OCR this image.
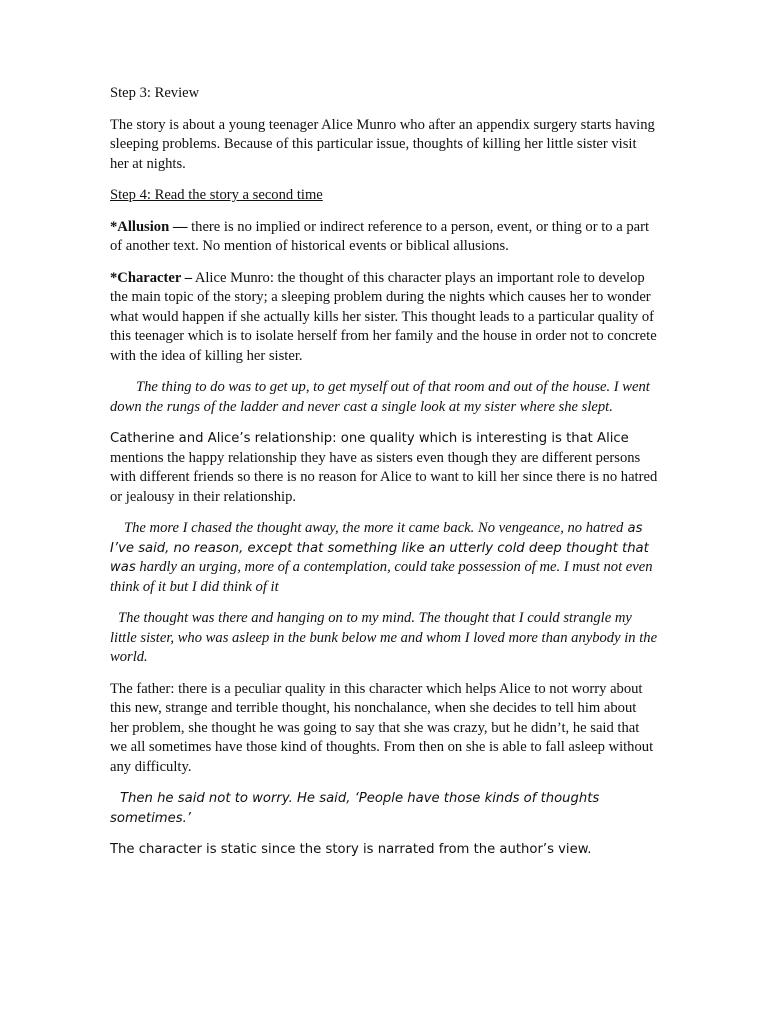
Step 3: Review

The story is about a young teenager Alice Munro who after an appendix surgery starts having sleeping problems. Because of this particular issue, thoughts of killing her little sister visit her at nights.

Step 4: Read the story a second time

*Allusion — there is no implied or indirect reference to a person, event, or thing or to a part of another text. No mention of historical events or biblical allusions.

*Character – Alice Munro: the thought of this character plays an important role to develop the main topic of the story; a sleeping problem during the nights which causes her to wonder what would happen if she actually kills her sister. This thought leads to a particular quality of this teenager which is to isolate herself from her family and the house in order not to concrete with the idea of killing her sister.

The thing to do was to get up, to get myself out of that room and out of the house. I went down the rungs of the ladder and never cast a single look at my sister where she slept.

Catherine and Alice’s relationship: one quality which is interesting is that Alice mentions the happy relationship they have as sisters even though they are different persons with different friends so there is no reason for Alice to want to kill her since there is no hatred or jealousy in their relationship.

The more I chased the thought away, the more it came back. No vengeance, no hatred as I’ve said, no reason, except that something like an utterly cold deep thought that was hardly an urging, more of a contemplation, could take possession of me. I must not even think of it but I did think of it

The thought was there and hanging on to my mind. The thought that I could strangle my little sister, who was asleep in the bunk below me and whom I loved more than anybody in the world.

The father: there is a peculiar quality in this character which helps Alice to not worry about this new, strange and terrible thought, his nonchalance, when she decides to tell him about her problem, she thought he was going to say that she was crazy, but he didn’t, he said that we all sometimes have those kind of thoughts. From then on she is able to fall asleep without any difficulty.

Then he said not to worry. He said, ‘People have those kinds of thoughts sometimes.’

The character is static since the story is narrated from the author’s view.
